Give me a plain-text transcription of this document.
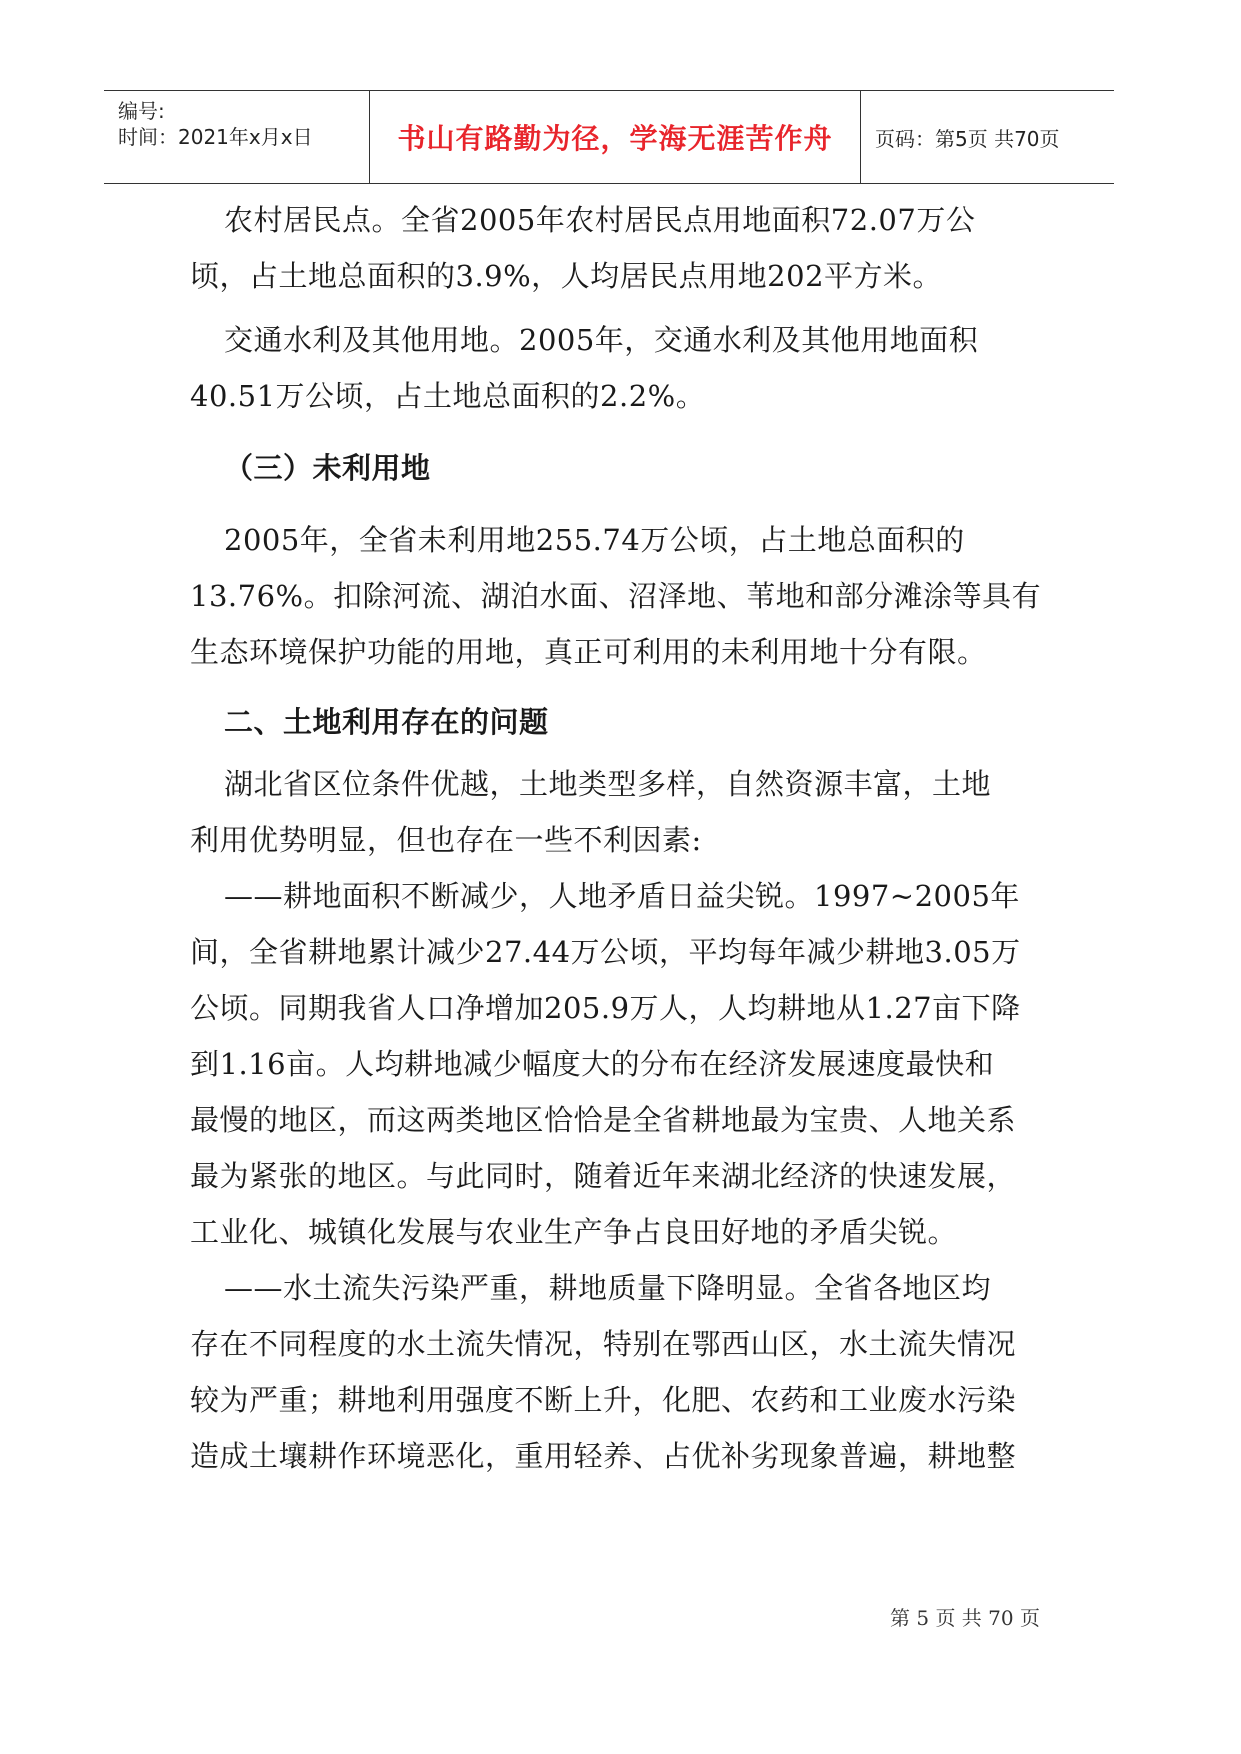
编号:
时间：2021年x月x日	书山有路勤为径，学海无涯苦作舟 页码：第5页 共70页
农村居民点。全省2005年农村居民点用地面积72.07万公
顷，占土地总面积的3.9%，人均居民点用地202平方米。
交通水利及其他用地。2005年，交通水利及其他用地面积
40.51万公顷，占土地总面积的2.2%。
（三）未利用地
2005年，全省未利用地255.74万公顷，占土地总面积的
13.76%。扣除河流、湖泊水面、沼泽地、苇地和部分滩涂等具有
生态环境保护功能的用地，真正可利用的未利用地十分有限。
二、土地利用存在的问题
湖北省区位条件优越，土地类型多样，自然资源丰富，土地
利用优势明显，但也存在一些不利因素:
——耕地面积不断减少，人地矛盾日益尖锐。1997~2005年
间，全省耕地累计减少27.44万公顷，平均每年减少耕地3.05万
公顷。同期我省人口净增加205.9万人，人均耕地从1.27亩下降
到1.16亩。人均耕地减少幅度大的分布在经济发展速度最快和
最慢的地区，而这两类地区恰恰是全省耕地最为宝贵、人地关系
最为紧张的地区。与此同时，随着近年来湖北经济的快速发展，
工业化、城镇化发展与农业生产争占良田好地的矛盾尖锐。
——水土流失污染严重，耕地质量下降明显。全省各地区均
存在不同程度的水土流失情况，特别在鄂西山区，水土流失情况
较为严重；耕地利用强度不断上升，化肥、农药和工业废水污染
造成土壤耕作环境恶化，重用轻养、占优补劣现象普遍，耕地整
第 5 页 共 70 页
